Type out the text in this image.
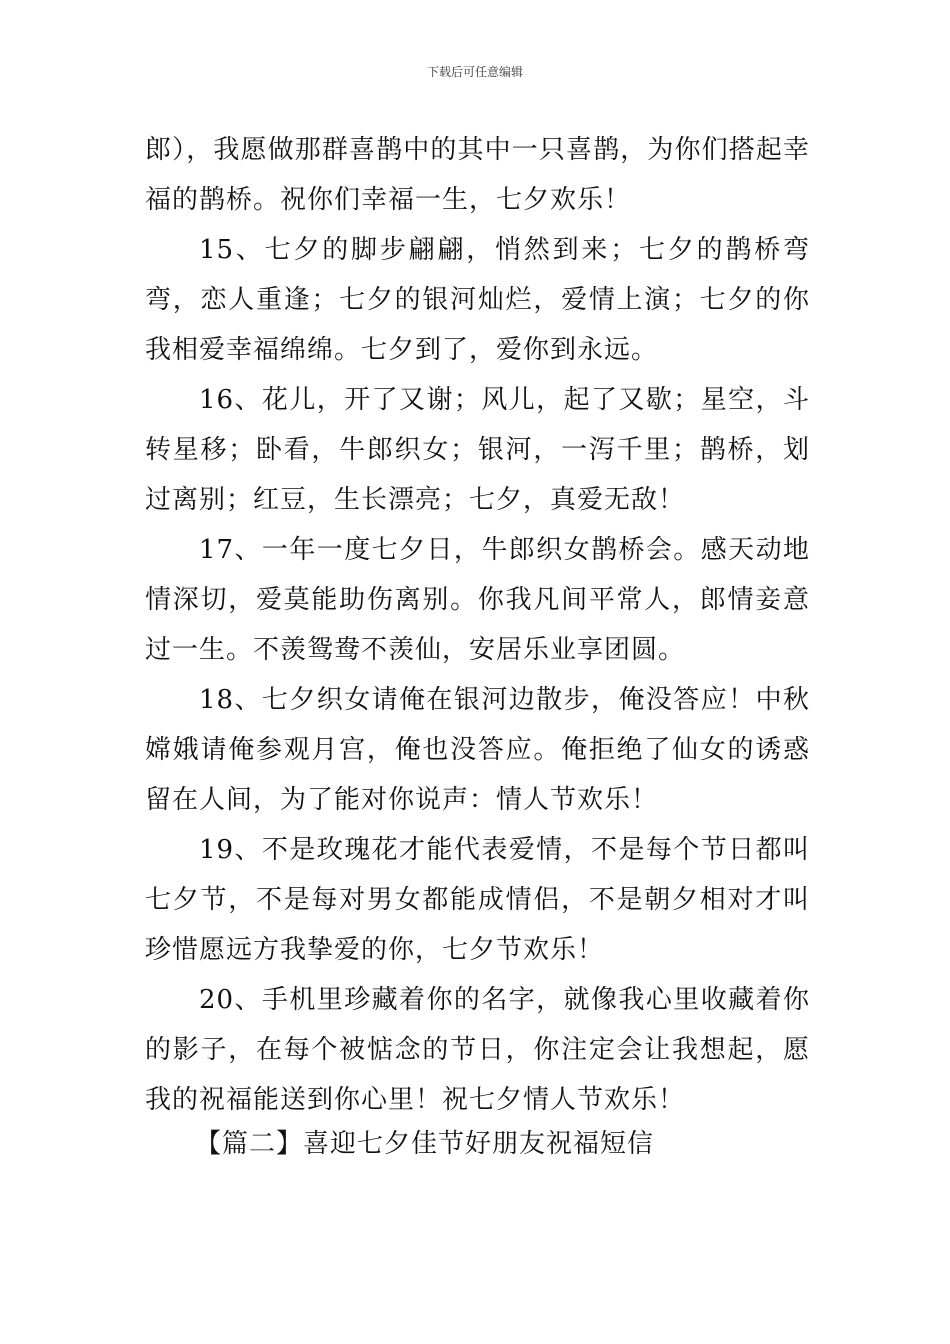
下载后可任意编辑

郎），我愿做那群喜鹊中的其中一只喜鹊，为你们搭起幸福的鹊桥。祝你们幸福一生，七夕欢乐！

15、七夕的脚步翩翩，悄然到来；七夕的鹊桥弯弯，恋人重逢；七夕的银河灿烂，爱情上演；七夕的你我相爱幸福绵绵。七夕到了，爱你到永远。

16、花儿，开了又谢；风儿，起了又歇；星空，斗转星移；卧看，牛郎织女；银河，一泻千里；鹊桥，划过离别；红豆，生长漂亮；七夕，真爱无敌！

17、一年一度七夕日，牛郎织女鹊桥会。感天动地情深切，爱莫能助伤离别。你我凡间平常人，郎情妾意过一生。不羡鸳鸯不羡仙，安居乐业享团圆。

18、七夕织女请俺在银河边散步，俺没答应！中秋嫦娥请俺参观月宫，俺也没答应。俺拒绝了仙女的诱惑留在人间，为了能对你说声：情人节欢乐！

19、不是玫瑰花才能代表爱情，不是每个节日都叫七夕节，不是每对男女都能成情侣，不是朝夕相对才叫珍惜愿远方我挚爱的你，七夕节欢乐！

20、手机里珍藏着你的名字，就像我心里收藏着你的影子，在每个被惦念的节日，你注定会让我想起，愿我的祝福能送到你心里！祝七夕情人节欢乐！

【篇二】喜迎七夕佳节好朋友祝福短信
